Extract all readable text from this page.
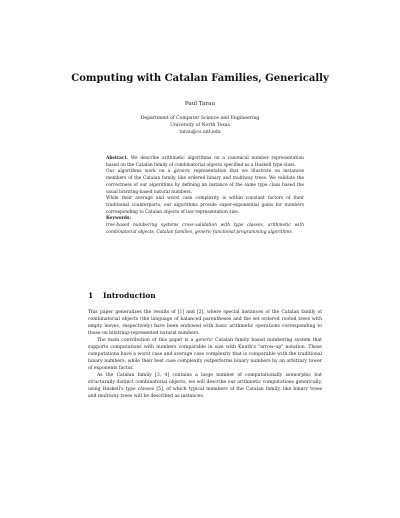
Computing with Catalan Families, Generically
Paul Tarau
Department of Computer Science and Engineering
University of North Texas
tarau@cs.unt.edu

Abstract. We describe arithmetic algorithms on a canonical number representation based on the Catalan family of combinatorial objects specified as a Haskell type class.

Our algorithms work on a generic representation that we illustrate on instances members of the Catalan family, like ordered binary and multiway trees. We validate the correctness of our algorithms by defining an instance of the same type class based the usual bitstring-based natural numbers.

While their average and worst case complexity is within constant factors of their traditional counterparts, our algorithms provide super-exponential gains for numbers corresponding to Catalan objects of low representation size.

Keywords:

tree-based numbering systems cross-validation with type classes, arithmetic with combinatorial objects, Catalan families, generic functional programming algorithms.

1 Introduction

This paper generalizes the results of [1] and [2], where special instances of the Catalan family of combinatorial objects (the language of balanced parentheses and the set ordered rooted trees with empty leaves, respectively) have been endowed with basic arithmetic operations corresponding to those on bitstring-represented natural numbers.

The main contribution of this paper is a generic Catalan family based numbering system that supports computations with numbers comparable in size with Knuth's "arrow-up" notation. These computations have a worst case and average case complexity that is comparable with the traditional binary numbers, while their best case complexity outperforms binary numbers by an arbitrary tower of exponents factor.

As the Catalan family [3, 4] contains a large number of computationally isomorphic but structurally distinct combinatorial objects, we will describe our arithmetic computations generically, using Haskell's type classes [5], of which typical members of the Catalan family, like binary trees and multiway trees will be described as instances.
